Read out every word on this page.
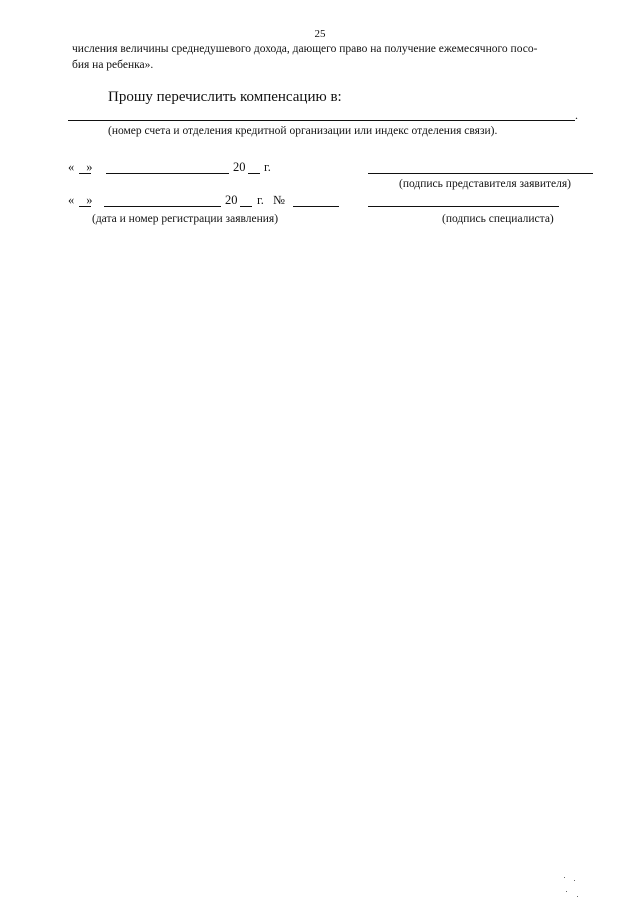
25
числения величины среднедушевого дохода, дающего право на получение ежемесячного посо-
бия на ребенка».
Прошу перечислить компенсацию в:
.
(номер счета и отделения кредитной организации или индекс отделения связи).
« »	20 г.
(подпись представителя заявителя)
« »	20 г. №
(дата и номер регистрации заявления)	(подпись специалиста)
